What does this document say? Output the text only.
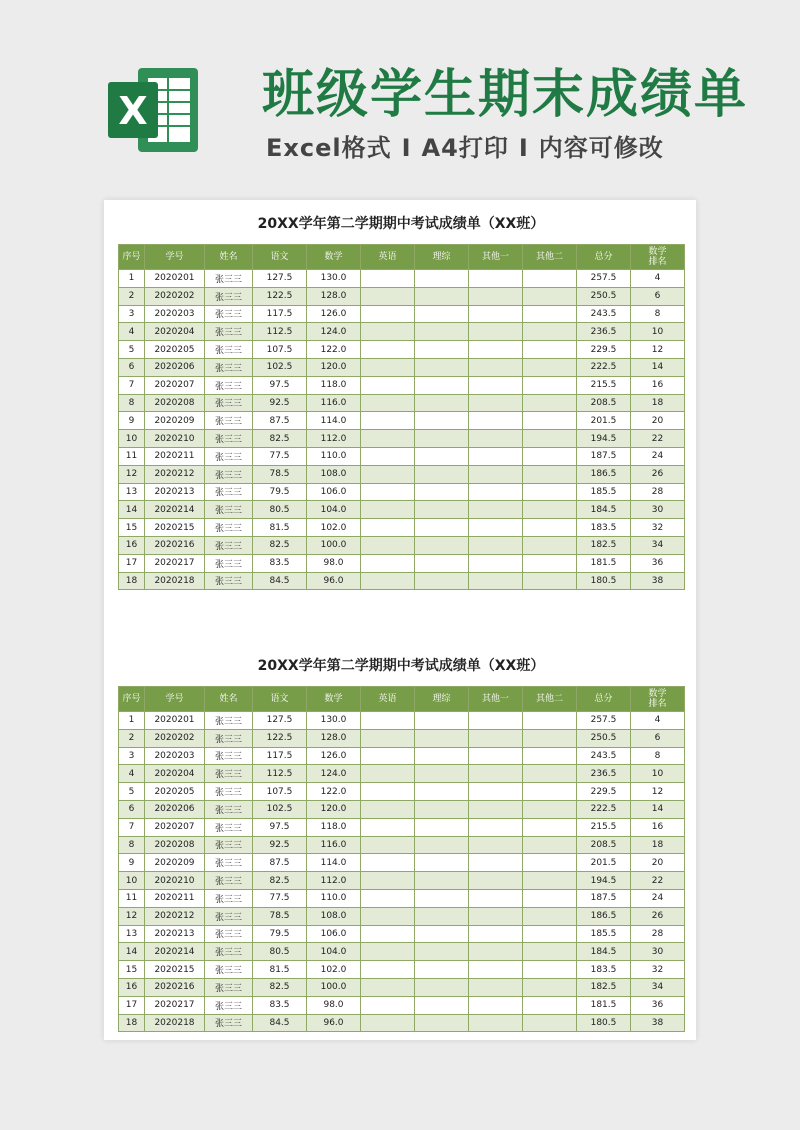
X 班级学生期末成绩单
Excel格式 I A4打印 I 内容可修改
20XX学年第二学期期中考试成绩单（XX班）
序号	学号	姓名	语文	数学	英语	理综	其他一	其他二	总分	数学
排名
1	2020201	张三三	127.5	130.0					257.5	4
2	2020202	张三三	122.5	128.0					250.5	6
3	2020203	张三三	117.5	126.0					243.5	8
4	2020204	张三三	112.5	124.0					236.5	10
5	2020205	张三三	107.5	122.0					229.5	12
6	2020206	张三三	102.5	120.0					222.5	14
7	2020207	张三三	97.5	118.0					215.5	16
8	2020208	张三三	92.5	116.0					208.5	18
9	2020209	张三三	87.5	114.0					201.5	20
10	2020210	张三三	82.5	112.0					194.5	22
11	2020211	张三三	77.5	110.0					187.5	24
12	2020212	张三三	78.5	108.0					186.5	26
13	2020213	张三三	79.5	106.0					185.5	28
14	2020214	张三三	80.5	104.0					184.5	30
15	2020215	张三三	81.5	102.0					183.5	32
16	2020216	张三三	82.5	100.0					182.5	34
17	2020217	张三三	83.5	98.0					181.5	36
18	2020218	张三三	84.5	96.0					180.5	38
20XX学年第二学期期中考试成绩单（XX班）
序号	学号	姓名	语文	数学	英语	理综	其他一	其他二	总分	数学
排名
1	2020201	张三三	127.5	130.0					257.5	4
2	2020202	张三三	122.5	128.0					250.5	6
3	2020203	张三三	117.5	126.0					243.5	8
4	2020204	张三三	112.5	124.0					236.5	10
5	2020205	张三三	107.5	122.0					229.5	12
6	2020206	张三三	102.5	120.0					222.5	14
7	2020207	张三三	97.5	118.0					215.5	16
8	2020208	张三三	92.5	116.0					208.5	18
9	2020209	张三三	87.5	114.0					201.5	20
10	2020210	张三三	82.5	112.0					194.5	22
11	2020211	张三三	77.5	110.0					187.5	24
12	2020212	张三三	78.5	108.0					186.5	26
13	2020213	张三三	79.5	106.0					185.5	28
14	2020214	张三三	80.5	104.0					184.5	30
15	2020215	张三三	81.5	102.0					183.5	32
16	2020216	张三三	82.5	100.0					182.5	34
17	2020217	张三三	83.5	98.0					181.5	36
18	2020218	张三三	84.5	96.0					180.5	38
